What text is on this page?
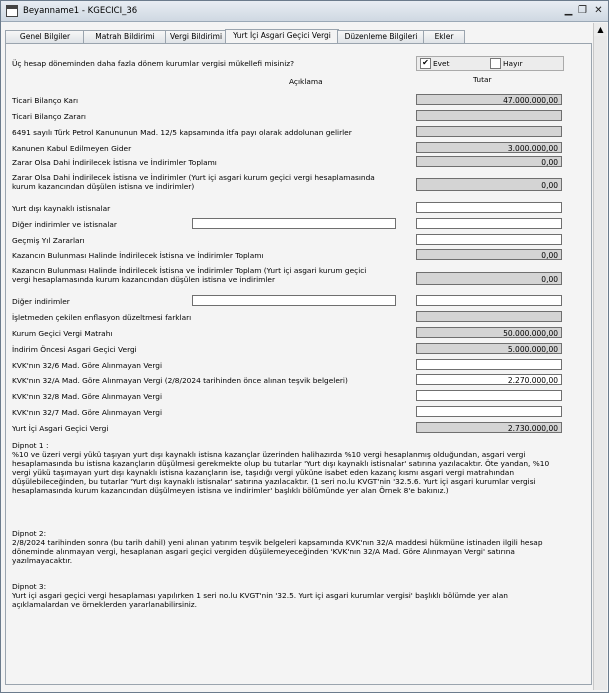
Beyanname1 - KGECICI_36	▁ ❐ ✕
Genel Bilgiler	Matrah Bildirimi	Vergi Bildirimi	Yurt İçi Asgari Geçici Vergi	Düzenleme Bilgileri	Ekler
Üç hesap döneminden daha fazla dönem kurumlar vergisi mükellefi misiniz?	✔ Evet	Hayır
Açıklama	Tutar
Ticari Bilanço Karı	47.000.000,00
Ticari Bilanço Zararı
6491 sayılı Türk Petrol Kanununun Mad. 12/5 kapsamında itfa payı olarak addolunan gelirler
Kanunen Kabul Edilmeyen Gider	3.000.000,00
Zarar Olsa Dahi İndirilecek İstisna ve İndirimler Toplamı	0,00
Zarar Olsa Dahi İndirilecek İstisna ve İndirimler (Yurt içi asgari kurum geçici vergi hesaplamasında kurum kazancından düşülen istisna ve indirimler)	0,00
Yurt dışı kaynaklı istisnalar
Diğer indirimler ve istisnalar
Geçmiş Yıl Zararları
Kazancın Bulunması Halinde İndirilecek İstisna ve İndirimler Toplamı	0,00
Kazancın Bulunması Halinde İndirilecek İstisna ve İndirimler Toplam (Yurt içi asgari kurum geçici vergi hesaplamasında kurum kazancından düşülen istisna ve indirimler	0,00
Diğer indirimler
İşletmeden çekilen enflasyon düzeltmesi farkları
Kurum Geçici Vergi Matrahı	50.000.000,00
İndirim Öncesi Asgari Geçici Vergi	5.000.000,00
KVK'nın 32/6 Mad. Göre Alınmayan Vergi
KVK'nın 32/A Mad. Göre Alınmayan Vergi (2/8/2024 tarihinden önce alınan teşvik belgeleri)	2.270.000,00
KVK'nın 32/8 Mad. Göre Alınmayan Vergi
KVK'nın 32/7 Mad. Göre Alınmayan Vergi
Yurt İçi Asgari Geçici Vergi	2.730.000,00
Dipnot 1 :
%10 ve üzeri vergi yükü taşıyan yurt dışı kaynaklı istisna kazançlar üzerinden halihazırda %10 vergi hesaplanmış olduğundan, asgari vergi hesaplamasında bu istisna kazançların düşülmesi gerekmekte olup bu tutarlar 'Yurt dışı kaynaklı istisnalar' satırına yazılacaktır. Öte yandan, %10 vergi yükü taşımayan yurt dışı kaynaklı istisna kazançların ise, taşıdığı vergi yüküne isabet eden kazanç kısmı asgari vergi matrahından düşülebileceğinden, bu tutarlar 'Yurt dışı kaynaklı istisnalar' satırına yazılacaktır. (1 seri no.lu KVGT'nin '32.5.6. Yurt içi asgari kurumlar vergisi hesaplamasında kurum kazancından düşülmeyen istisna ve indirimler' başlıklı bölümünde yer alan Örnek 8'e bakınız.)
Dipnot 2:
2/8/2024 tarihinden sonra (bu tarih dahil) yeni alınan yatırım teşvik belgeleri kapsamında KVK'nın 32/A maddesi hükmüne istinaden ilgili hesap döneminde alınmayan vergi, hesaplanan asgari geçici vergiden düşülemeyeceğinden 'KVK'nın 32/A Mad. Göre Alınmayan Vergi' satırına yazılmayacaktır.
Dipnot 3:
Yurt içi asgari geçici vergi hesaplaması yapılırken 1 seri no.lu KVGT'nin '32.5. Yurt içi asgari kurumlar vergisi' başlıklı bölümde yer alan açıklamalardan ve örneklerden yararlanabilirsiniz.
▲
